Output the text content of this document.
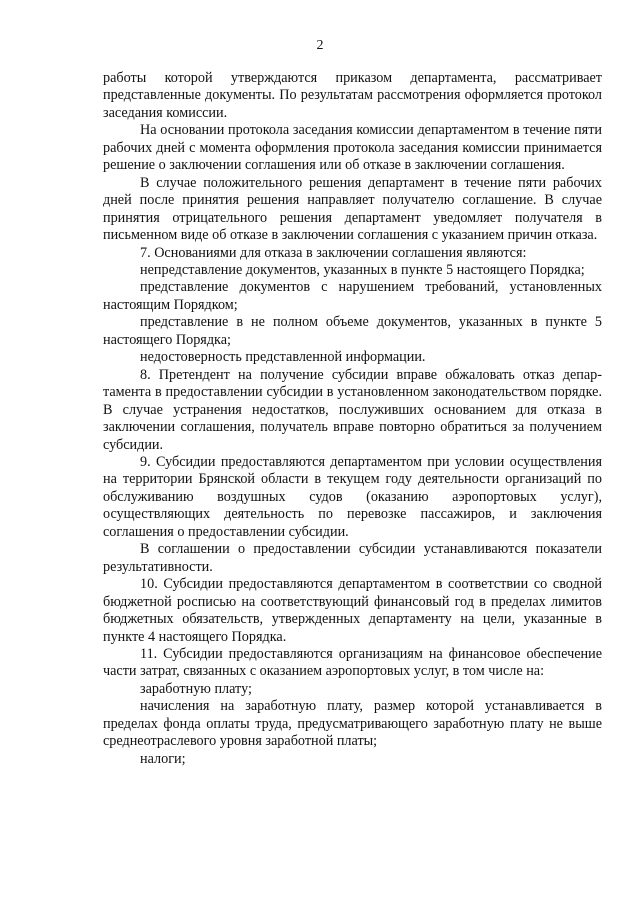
2

работы которой утверждаются приказом департамента, рассматривает представленные документы. По результатам рассмотрения оформляется протокол заседания комиссии.

На основании протокола заседания комиссии департаментом в течение пяти рабочих дней с момента оформления протокола заседания комиссии принимается решение о заключении соглашения или об отказе в заключении соглашения.

В случае положительного решения департамент в течение пяти рабочих дней после принятия решения направляет получателю соглашение. В случае принятия отрицательного решения департамент уведомляет получателя в письменном виде об отказе в заключении соглашения с указанием причин отказа.

7. Основаниями для отказа в заключении соглашения являются:

непредставление документов, указанных в пункте 5 настоящего Порядка;

представление документов с нарушением требований, установленных настоящим Порядком;

представление в не полном объеме документов, указанных в пункте 5 настоящего Порядка;

недостоверность представленной информации.

8. Претендент на получение субсидии вправе обжаловать отказ департамента в предоставлении субсидии в установленном законодательством порядке. В случае устранения недостатков, послуживших основанием для отказа в заключении соглашения, получатель вправе повторно обратиться за получением субсидии.

9. Субсидии предоставляются департаментом при условии осуществления на территории Брянской области в текущем году деятельности организаций по обслуживанию воздушных судов (оказанию аэропортовых услуг), осуществляющих деятельность по перевозке пассажиров, и заключения соглашения о предоставлении субсидии.

В соглашении о предоставлении субсидии устанавливаются показатели результативности.

10. Субсидии предоставляются департаментом в соответствии со сводной бюджетной росписью на соответствующий финансовый год в пределах лимитов бюджетных обязательств, утвержденных департаменту на цели, указанные в пункте 4 настоящего Порядка.

11. Субсидии предоставляются организациям на финансовое обеспечение части затрат, связанных с оказанием аэропортовых услуг, в том числе на:

заработную плату;

начисления на заработную плату, размер которой устанавливается в пределах фонда оплаты труда, предусматривающего заработную плату не выше среднеотраслевого уровня заработной платы;

налоги;
